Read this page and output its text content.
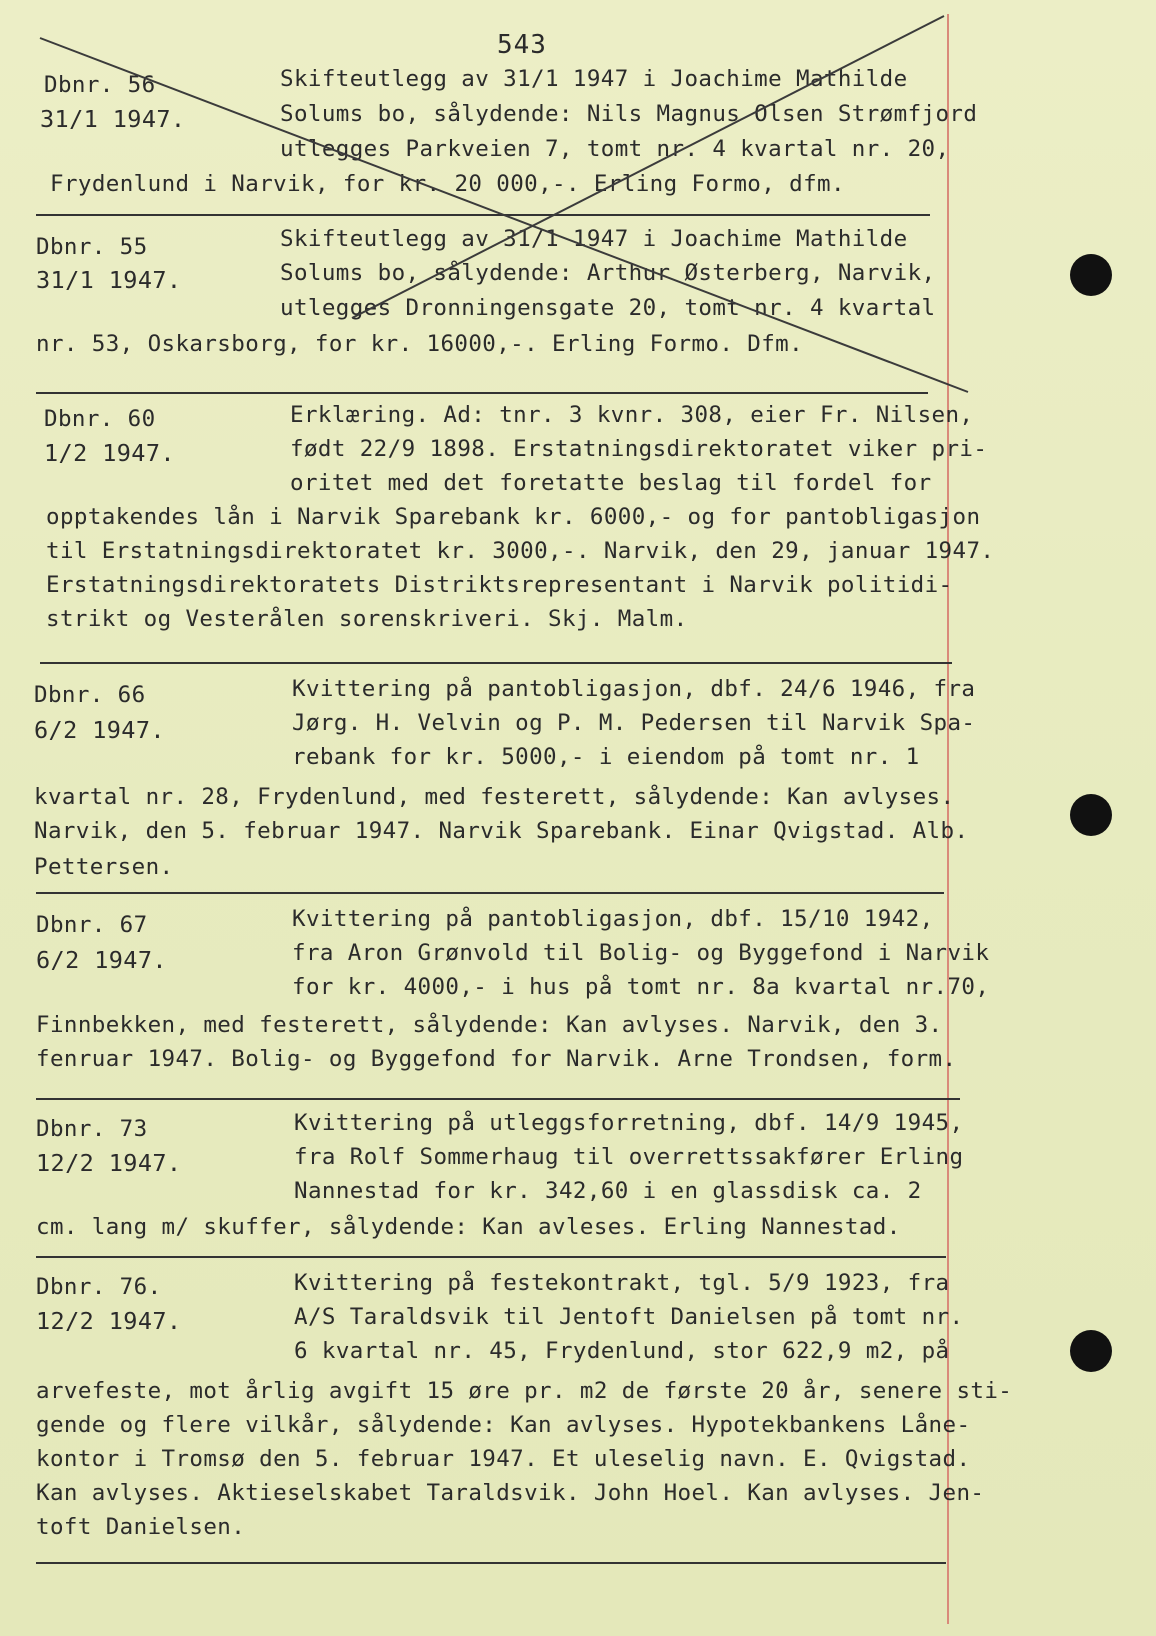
543
Dbnr. 56
31/1 1947.
Skifteutlegg av 31/1 1947 i Joachime Mathilde
Solums bo, sålydende: Nils Magnus Olsen Strømfjord
utlegges Parkveien 7, tomt nr. 4 kvartal nr. 20,
Frydenlund i Narvik, for kr. 20 000,-. Erling Formo, dfm.
Dbnr. 55
31/1 1947.
Skifteutlegg av 31/1 1947 i Joachime Mathilde
Solums bo, sålydende: Arthur Østerberg, Narvik,
utlegges Dronningensgate 20, tomt nr. 4 kvartal
nr. 53, Oskarsborg, for kr. 16000,-. Erling Formo. Dfm.
Dbnr. 60
1/2 1947.
Erklæring. Ad: tnr. 3 kvnr. 308, eier Fr. Nilsen,
født 22/9 1898. Erstatningsdirektoratet viker pri-
oritet med det foretatte beslag til fordel for
opptakendes lån i Narvik Sparebank kr. 6000,- og for pantobligasjon
til Erstatningsdirektoratet kr. 3000,-. Narvik, den 29, januar 1947.
Erstatningsdirektoratets Distriktsrepresentant i Narvik politidi-
strikt og Vesterålen sorenskriveri. Skj. Malm.
Dbnr. 66
6/2 1947.
Kvittering på pantobligasjon, dbf. 24/6 1946, fra
Jørg. H. Velvin og P. M. Pedersen til Narvik Spa-
rebank for kr. 5000,- i eiendom på tomt nr. 1
kvartal nr. 28, Frydenlund, med festerett, sålydende: Kan avlyses.
Narvik, den 5. februar 1947. Narvik Sparebank. Einar Qvigstad. Alb.
Pettersen.
Dbnr. 67
6/2 1947.
Kvittering på pantobligasjon, dbf. 15/10 1942,
fra Aron Grønvold til Bolig- og Byggefond i Narvik
for kr. 4000,- i hus på tomt nr. 8a kvartal nr.70,
Finnbekken, med festerett, sålydende: Kan avlyses. Narvik, den 3.
fenruar 1947. Bolig- og Byggefond for Narvik. Arne Trondsen, form.
Dbnr. 73
12/2 1947.
Kvittering på utleggsforretning, dbf. 14/9 1945,
fra Rolf Sommerhaug til overrettssakfører Erling
Nannestad for kr. 342,60 i en glassdisk ca. 2
cm. lang m/ skuffer, sålydende: Kan avleses. Erling Nannestad.
Dbnr. 76.
12/2 1947.
Kvittering på festekontrakt, tgl. 5/9 1923, fra
A/S Taraldsvik til Jentoft Danielsen på tomt nr.
6 kvartal nr. 45, Frydenlund, stor 622,9 m2, på
arvefeste, mot årlig avgift 15 øre pr. m2 de første 20 år, senere sti-
gende og flere vilkår, sålydende: Kan avlyses. Hypotekbankens Låne-
kontor i Tromsø den 5. februar 1947. Et uleselig navn. E. Qvigstad.
Kan avlyses. Aktieselskabet Taraldsvik. John Hoel. Kan avlyses. Jen-
toft Danielsen.
